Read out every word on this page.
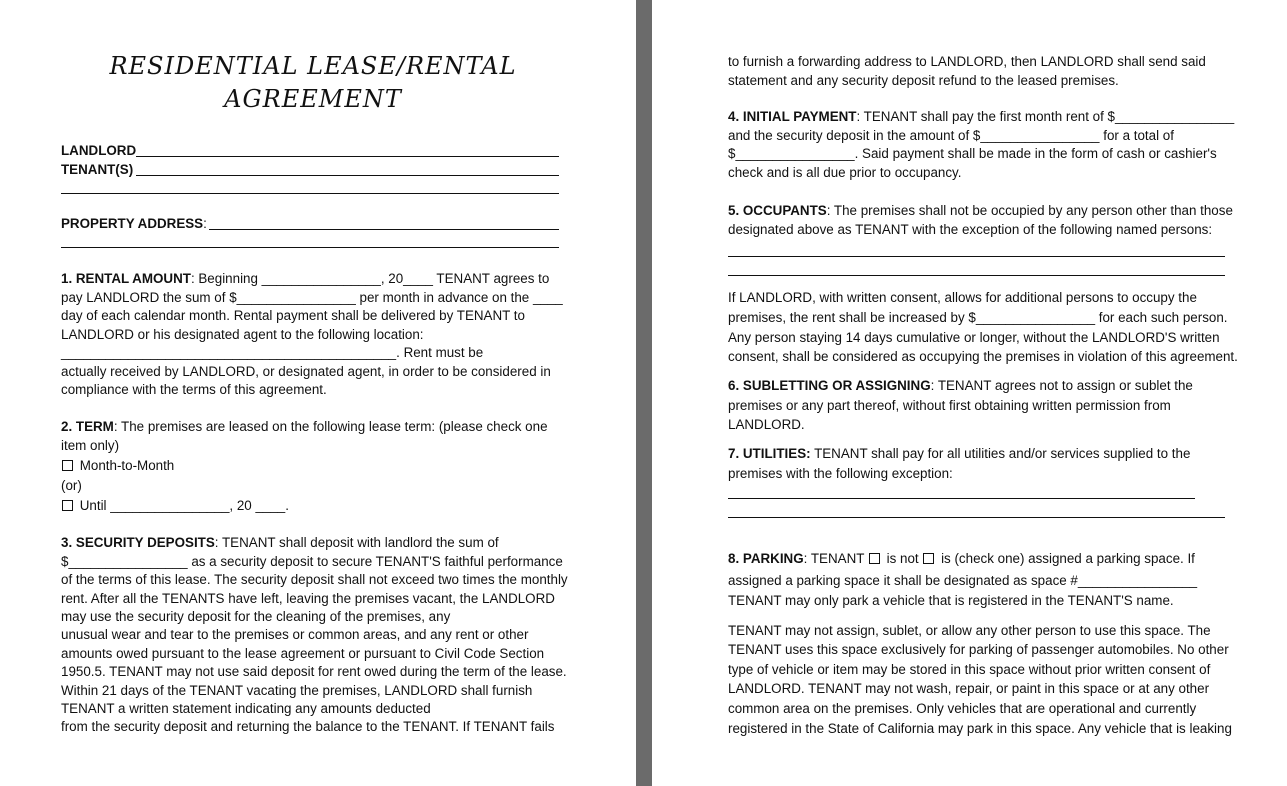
RESIDENTIAL LEASE/RENTAL
AGREEMENT
LANDLORD
TENANT(S)
PROPERTY ADDRESS:
1. RENTAL AMOUNT: Beginning ________________, 20____ TENANT agrees to
pay LANDLORD the sum of $________________ per month in advance on the ____
day of each calendar month. Rental payment shall be delivered by TENANT to
LANDLORD or his designated agent to the following location:
_____________________________________________. Rent must be
actually received by LANDLORD, or designated agent, in order to be considered in
compliance with the terms of this agreement.
2. TERM: The premises are leased on the following lease term: (please check one
item only)
Month-to-Month
(or)
Until ________________, 20 ____.
3. SECURITY DEPOSITS: TENANT shall deposit with landlord the sum of
$________________ as a security deposit to secure TENANT'S faithful performance
of the terms of this lease. The security deposit shall not exceed two times the monthly
rent. After all the TENANTS have left, leaving the premises vacant, the LANDLORD
may use the security deposit for the cleaning of the premises, any
unusual wear and tear to the premises or common areas, and any rent or other
amounts owed pursuant to the lease agreement or pursuant to Civil Code Section
1950.5. TENANT may not use said deposit for rent owed during the term of the lease.
Within 21 days of the TENANT vacating the premises, LANDLORD shall furnish
TENANT a written statement indicating any amounts deducted
from the security deposit and returning the balance to the TENANT. If TENANT fails
to furnish a forwarding address to LANDLORD, then LANDLORD shall send said
statement and any security deposit refund to the leased premises.
4. INITIAL PAYMENT: TENANT shall pay the first month rent of $________________
and the security deposit in the amount of $________________ for a total of
$________________. Said payment shall be made in the form of cash or cashier's
check and is all due prior to occupancy.
5. OCCUPANTS: The premises shall not be occupied by any person other than those
designated above as TENANT with the exception of the following named persons:
If LANDLORD, with written consent, allows for additional persons to occupy the
premises, the rent shall be increased by $________________ for each such person.
Any person staying 14 days cumulative or longer, without the LANDLORD'S written
consent, shall be considered as occupying the premises in violation of this agreement.
6. SUBLETTING OR ASSIGNING: TENANT agrees not to assign or sublet the
premises or any part thereof, without first obtaining written permission from
LANDLORD.
7. UTILITIES: TENANT shall pay for all utilities and/or services supplied to the
premises with the following exception:
8. PARKING: TENANT  is not  is (check one) assigned a parking space. If
assigned a parking space it shall be designated as space #________________
TENANT may only park a vehicle that is registered in the TENANT'S name.
TENANT may not assign, sublet, or allow any other person to use this space. The
TENANT uses this space exclusively for parking of passenger automobiles. No other
type of vehicle or item may be stored in this space without prior written consent of
LANDLORD. TENANT may not wash, repair, or paint in this space or at any other
common area on the premises. Only vehicles that are operational and currently
registered in the State of California may park in this space. Any vehicle that is leaking
